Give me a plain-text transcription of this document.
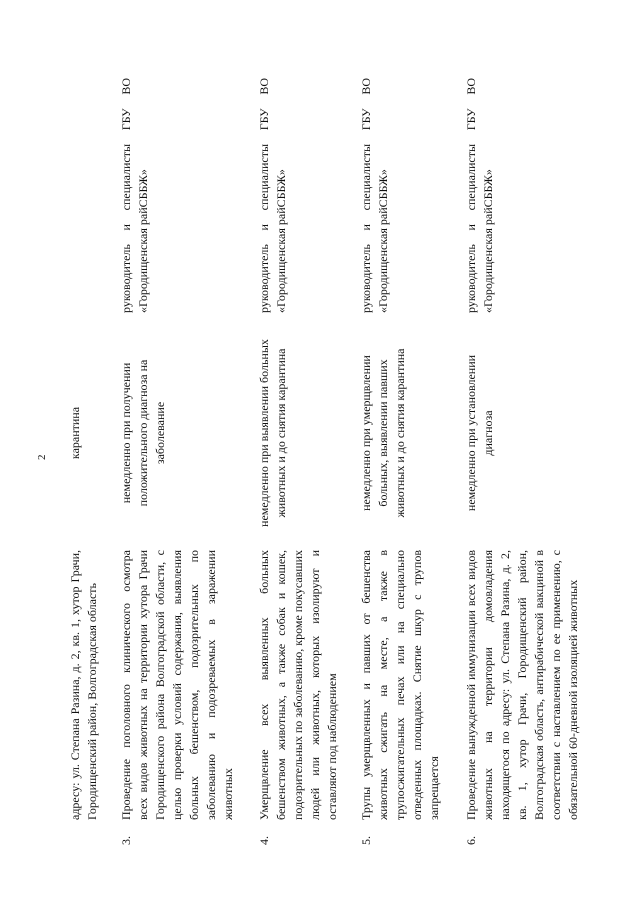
2
адресу: ул. Степана Разина, д. 2, кв. 1, хутор Грачи, Городищенский район, Волгоградская область
карантина
3.
Проведение поголовного клинического осмотра всех видов животных на территории хутора Грачи Городищенского района Волгоградской области, с целью проверки условий содержания, выявления больных бешенством, подозрительных по заболеванию и подозреваемых в заражении животных
немедленно при получении положительного диагноза на заболевание
руководитель и специалисты ГБУ ВО «Городищенская райСББЖ»
4.
Умерщвление всех выявленных больных бешенством животных, а также собак и кошек, подозрительных по заболеванию, кроме покусавших людей или животных, которых изолируют и оставляют под наблюдением
немедленно при выявлении больных животных и до снятия карантина
руководитель и специалисты ГБУ ВО «Городищенская райСББЖ»
5.
Трупы умерщвленных и павших от бешенства животных сжигать на месте, а также в трупосжигательных печах или на специально отведенных площадках. Снятие шкур с трупов запрещается
немедленно при умерщвлении больных, выявлении павших животных и до снятия карантина
руководитель и специалисты ГБУ ВО «Городищенская райСББЖ»
6.
Проведение вынужденной иммунизации всех видов животных на территории домовладения находящегося по адресу: ул. Степана Разина, д. 2, кв. 1, хутор Грачи, Городищенский район, Волгоградская область, антирабической вакциной в соответствии с наставлением по ее применению, с обязательной 60-дневной изоляцией животных
немедленно при установлении диагноза
руководитель и специалисты ГБУ ВО «Городищенская райСББЖ»
